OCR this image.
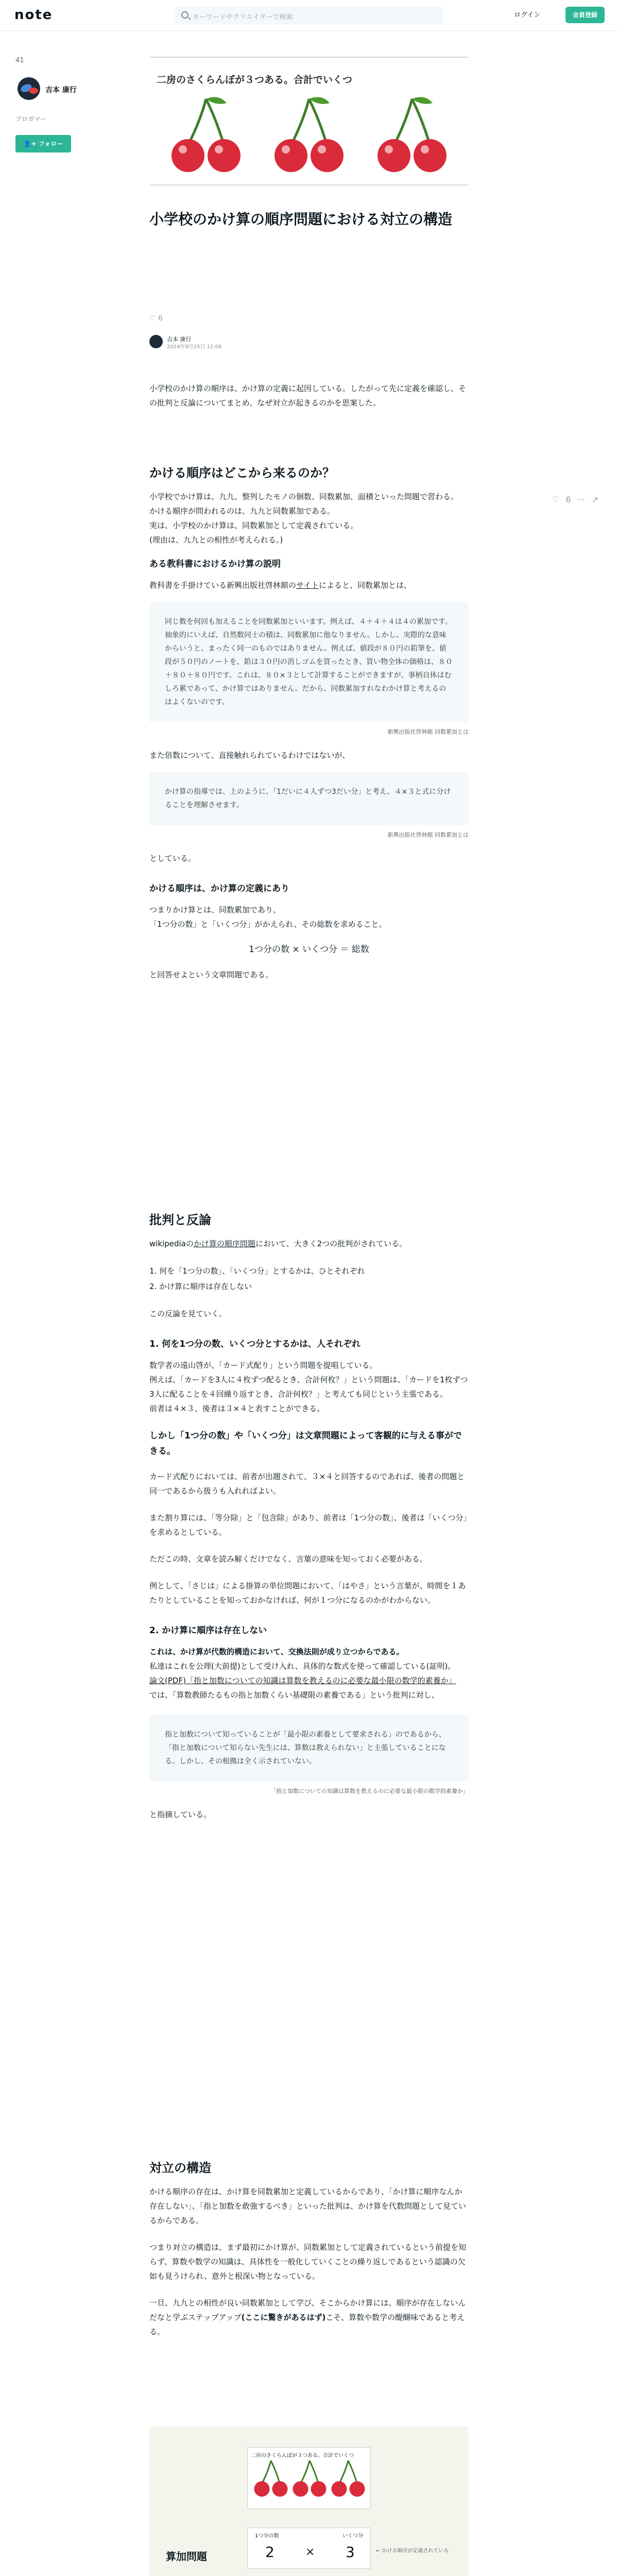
note	キーワードやクリエイターで検索	ログイン	会員登録
41
吉本 康行
ブロガマー
👤+ フォロー
♡ 6 ⋯ ↗
二房のさくらんぼが３つある。合計でいくつ
小学校のかけ算の順序問題における対立の構造
♡ 6
吉本 康行
2024年9月15日 11:06

小学校のかけ算の順序は、かけ算の定義に起因している。したがって先に定義を確認し、その批判と反論についてまとめ、なぜ対立が起きるのかを思案した。

かける順序はどこから来るのか？

小学校でかけ算は、九九、整列したモノの個数、同数累加、面積といった問題で習わる。

かける順序が問われるのは、九九と同数累加である。

実は、小学校のかけ算は、同数累加として定義されている。

(理由は、九九との相性が考えられる。)

ある教科書におけるかけ算の説明

教科書を手掛けている新興出版社啓林館のサイトによると、同数累加とは、

同じ数を何回も加えることを同数累加といいます。例えば、４＋４＋４は４の累加です。抽象的にいえば、自然数同士の積は、同数累加に他なりません。しかし、実際的な意味からいうと、まったく同一のものではありません。例えば、値段が８０円の鉛筆を、値段が５０円のノートを、鉛は３０円の消しゴムを買ったとき、買い物全体の価格は、８０＋８０＋８０円です。これは、８０×３として計算することができますが、事柄自体はむしろ累であって、かけ算ではありません。だから、同数累加すれなわかけ算と考えるのはよくないのです。
新興出版社啓林館 同数累加とは

また倍数について、直接触れられているわけではないが、

かけ算の指導では、上のように、「1だいに４人ずつ3だい分」と考え、４×３と式に分けることを理解させます。
新興出版社啓林館 同数累加とは

としている。

かける順序は、かけ算の定義にあり

つまりかけ算とは、同数累加であり、

「1つ分の数」と「いくつ分」がかえられ、その総数を求めること。

1つ分の数 × いくつ分 ＝ 総数

と回答せよという文章問題である。

批判と反論

wikipediaのかけ算の順序問題において、大きく2つの批判がされている。

1. 何を「1つ分の数」、「いくつ分」とするかは、ひとそれぞれ
2. かけ算に順序は存在しない

この反論を見ていく。

1. 何を1つ分の数、いくつ分とするかは、人それぞれ

数学者の遠山啓が、「カード式配り」という問題を提唱している。

例えば、「カードを3人に４枚ずつ配るとき、合計何枚？」という問題は、「カードを1枚ずつ3人に配ることを４回繰り返すとき、合計何枚？」と考えても同じという主張である。

前者は４×３、後者は３×４と表すことができる。

しかし「1つ分の数」や「いくつ分」は文章問題によって客観的に与える事ができる。

カード式配りにおいては、前者が出題されて、３×４と回答するのであれば、後者の問題と同一であるから扱うも入れればよい。

また割り算には、「等分除」と「包含除」があり、前者は「1つ分の数」、後者は「いくつ分」を求めるとしている。

ただこの時、文章を読み解くだけでなく、言葉の意味を知っておく必要がある。

例として、「さじは」による掛算の単位問題において、「はやさ」という言葉が、時間を１あたりとしていることを知っておかなければ、何が１つ分になるのかがわからない。

2. かけ算に順序は存在しない

これは、かけ算が代数的構造において、交換法則が成り立つからである。

私達はこれを公理(大前提)として受け入れ、具体的な数式を使って確認している(証明)。

論文(PDF)「指と加数についての知識は算数を教えるのに必要な最小限の数学的素養か」

では、「算数教師たるもの指と加数くらい基礎限の素養である」という批判に対し、

指と加数について知っていることが「最小限の素養として要求される」のであるから、「指と加数について知らない先生には、算数は教えられない」と主張していることになる。しかし、その根拠は全く示されていない。
「指と加数についての知識は算数を教えるのに必要な最小限の数学的素養か」

と指摘している。

対立の構造

かける順序の存在は、かけ算を同数累加と定義しているからであり、「かけ算に順序なんか存在しない」、「指と加数を敢強するべき」といった批判は、かけ算を代数問題として見ているからである。

つまり対立の構造は、まず最初にかけ算が、同数累加として定義されているという前提を知らず、算数や数学の知識は、具体性を一般化していくことの繰り返しであるという認識の欠如も見うけられ、意外と根深い物となっている。

一旦、九九との相性が良い同数累加として学び、そこからかけ算には、順序が存在しないんだなと学ぶステップアップ(ここに驚きがあるはず)こそ、算数や数学の醍醐味であると考える。

二房のさくらんぼが３つある。合計でいくつ
算加問題
1つ分の数	いくつ分
2	× 3	← かける順序が定義されている
